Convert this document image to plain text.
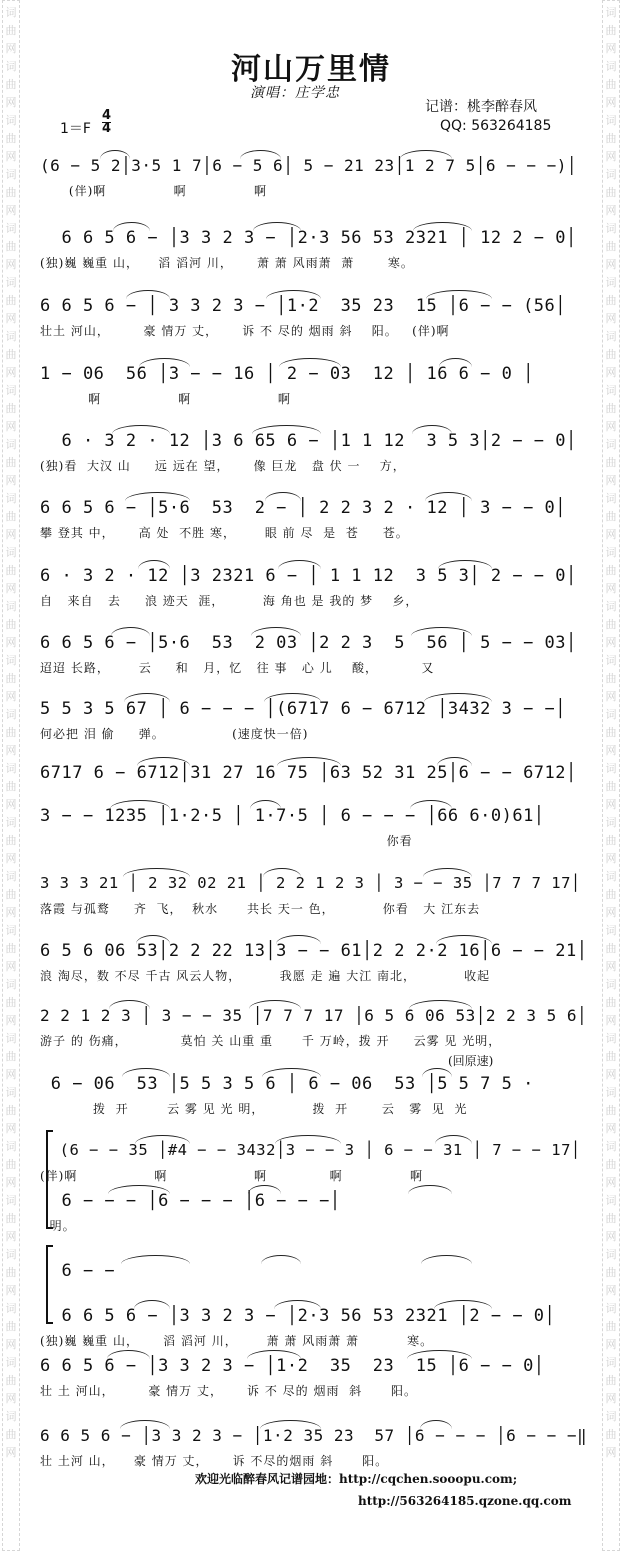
词
曲
网
词
曲
网
词
曲
网
词
曲
网
词
曲
网
词
曲
网
词
曲
网
词
曲
网
词
曲
网
词
曲
网
词
曲
网
词
曲
网
词
曲
网
词
曲
网
词
曲
网
词
曲
网
词
曲
网
词
曲
网
词
曲
网
词
曲
网
词
曲
网
词
曲
网
词
曲
网
词
曲
网
词
曲
网
词
曲
网
词
曲
网
词
曲
网
词
曲
网
词
曲
网
词
曲
网
词
曲
网
词
曲
网
词
曲
网
词
曲
网
词
曲
网
词
曲
网
词
曲
网
词
曲
网
词
曲
网
词
曲
网
词
曲
网
词
曲
网
词
曲
网
词
曲
网
词
曲
网
词
曲
网
词
曲
网
词
曲
网
词
曲
网
词
曲
网
词
曲
网
词
曲
网
词
曲
网
河山万里情
演唱：庄学忠
记谱：桃李醉春风
QQ: 563264185
1＝F
4
4
(6 − 5 2│3·5 1 7│6 − 5 6│ 5 − 21 23│1 2 7 5│6 − − −)│
(伴)啊              啊              啊
6 6 5 6 − │3 3 2 3 − │2·3 56 53 2321 │ 12 2 − 0│
(独)巍 巍重 山，    滔 滔河 川，     萧 萧 风雨萧  萧       寒。
6 6 5 6 − │ 3 3 2 3 − │1·2  35 23  15 │6 − − (56│
壮土 河山，       豪 情万 丈，     诉 不 尽的 烟雨 斜    阳。   (伴)啊
1 − 06  56 │3 − − 16 │ 2 − 03  12 │ 16 6 − 0 │
啊                啊                  啊
6 · 3 2 · 12 │3 6 65 6 − │1 1 12  3 5 3│2 − − 0│
(独)看  大汉 山     远 远在 望，     像 巨龙   盘 伏 一    方，
6 6 5 6 − │5·6  53  2 − │ 2 2 3 2 · 12 │ 3 − − 0│
攀 登其 中，     高 处  不胜 寒，      眼 前 尽  是  苍     苍。
6 · 3 2 · 12 │3 2321 6 − │ 1 1 12  3 5 3│ 2 − − 0│
自   来自   去     浪 迹天  涯，        海 角也 是 我的 梦    乡，
6 6 5 6 − │5·6  53  2 03 │2 2 3  5  56 │ 5 − − 03│
迢迢 长路，      云     和   月，忆   往 事   心 儿    酸，         又
5 5 3 5 67 │ 6 − − − │(6717 6 − 6712 │3432 3 − −│
何必把 泪 偷     弹。              (速度快一倍)
6717 6 − 6712│31 27 16 75 │63 52 31 25│6 − − 6712│
3 − − 1235 │1·2·5 │ 1·7·5 │ 6 − − − │66 6·0)61│
你看
3 3 3 21 │ 2 32 02 21 │ 2 2 1 2 3 │ 3 − − 35 │7 7 7 17│
落霞 与孤鹜     齐  飞，  秋水      共长 天一 色，          你看   大 江东去
6 5 6 06 53│2 2 22 13│3 − − 61│2 2 2·2 16│6 − − 21│
浪 淘尽，数 不尽 千古 风云人物，        我愿 走 遍 大江 南北，          收起
2 2 1 2 3 │ 3 − − 35 │7 7 7 17 │6 5 6 06 53│2 2 3 5 6│
游子 的 伤痛，           莫怕 关 山重 重      千 万岭，拨 开     云雾 见 光明，
6 − 06  53 │5 5 3 5 6 │ 6 − 06  53 │5 5 7 5 ·
拨  开        云 雾 见 光 明，          拨  开       云   雾  见  光
(6 − − 35 │#4 − − 3432│3 − − 3 │ 6 − − 31 │ 7 − − 17│
(伴)啊                啊                  啊             啊              啊
6 − − − │6 − − − │6 − − −│
明。
6 − −
6 6 5 6 − │3 3 2 3 − │2·3 56 53 2321 │2 − − 0│
(独)巍 巍重 山，     滔 滔河 川，      萧 萧 风雨萧 萧          寒。
6 6 5 6 − │3 3 2 3 − │1·2  35  23  15 │6 − − 0│
壮 土 河山，       豪 情万 丈，     诉 不 尽的 烟雨  斜      阳。
6 6 5 6 − │3 3 2 3 − │1·2 35 23  57 │6 − − − │6 − − −‖
壮 土河 山，    豪 情万 丈，     诉 不尽的烟雨 斜      阳。
(回原速)
欢迎光临醉春风记谱园地：http://cqchen.sooopu.com;
http://563264185.qzone.qq.com
